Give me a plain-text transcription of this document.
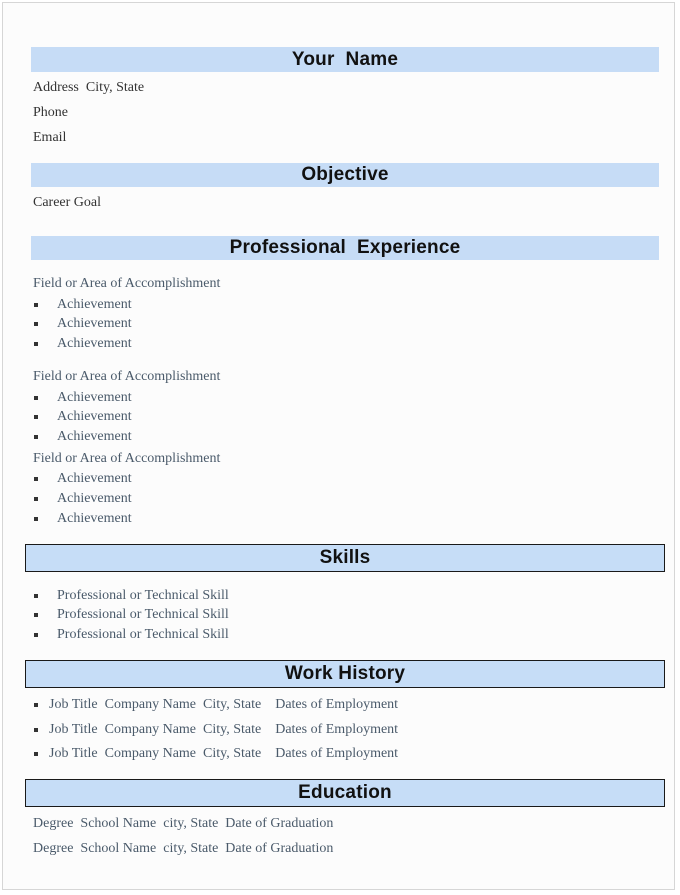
Your  Name
Address  City, State
Phone
Email
Objective
Career Goal
Professional  Experience
Field or Area of Accomplishment
Achievement
Achievement
Achievement
Field or Area of Accomplishment
Achievement
Achievement
Achievement
Field or Area of Accomplishment
Achievement
Achievement
Achievement
Skills
Professional or Technical Skill
Professional or Technical Skill
Professional or Technical Skill
Work History
Job Title  Company Name  City, State    Dates of Employment
Job Title  Company Name  City, State    Dates of Employment
Job Title  Company Name  City, State    Dates of Employment
Education
Degree  School Name  city, State  Date of Graduation
Degree  School Name  city, State  Date of Graduation
